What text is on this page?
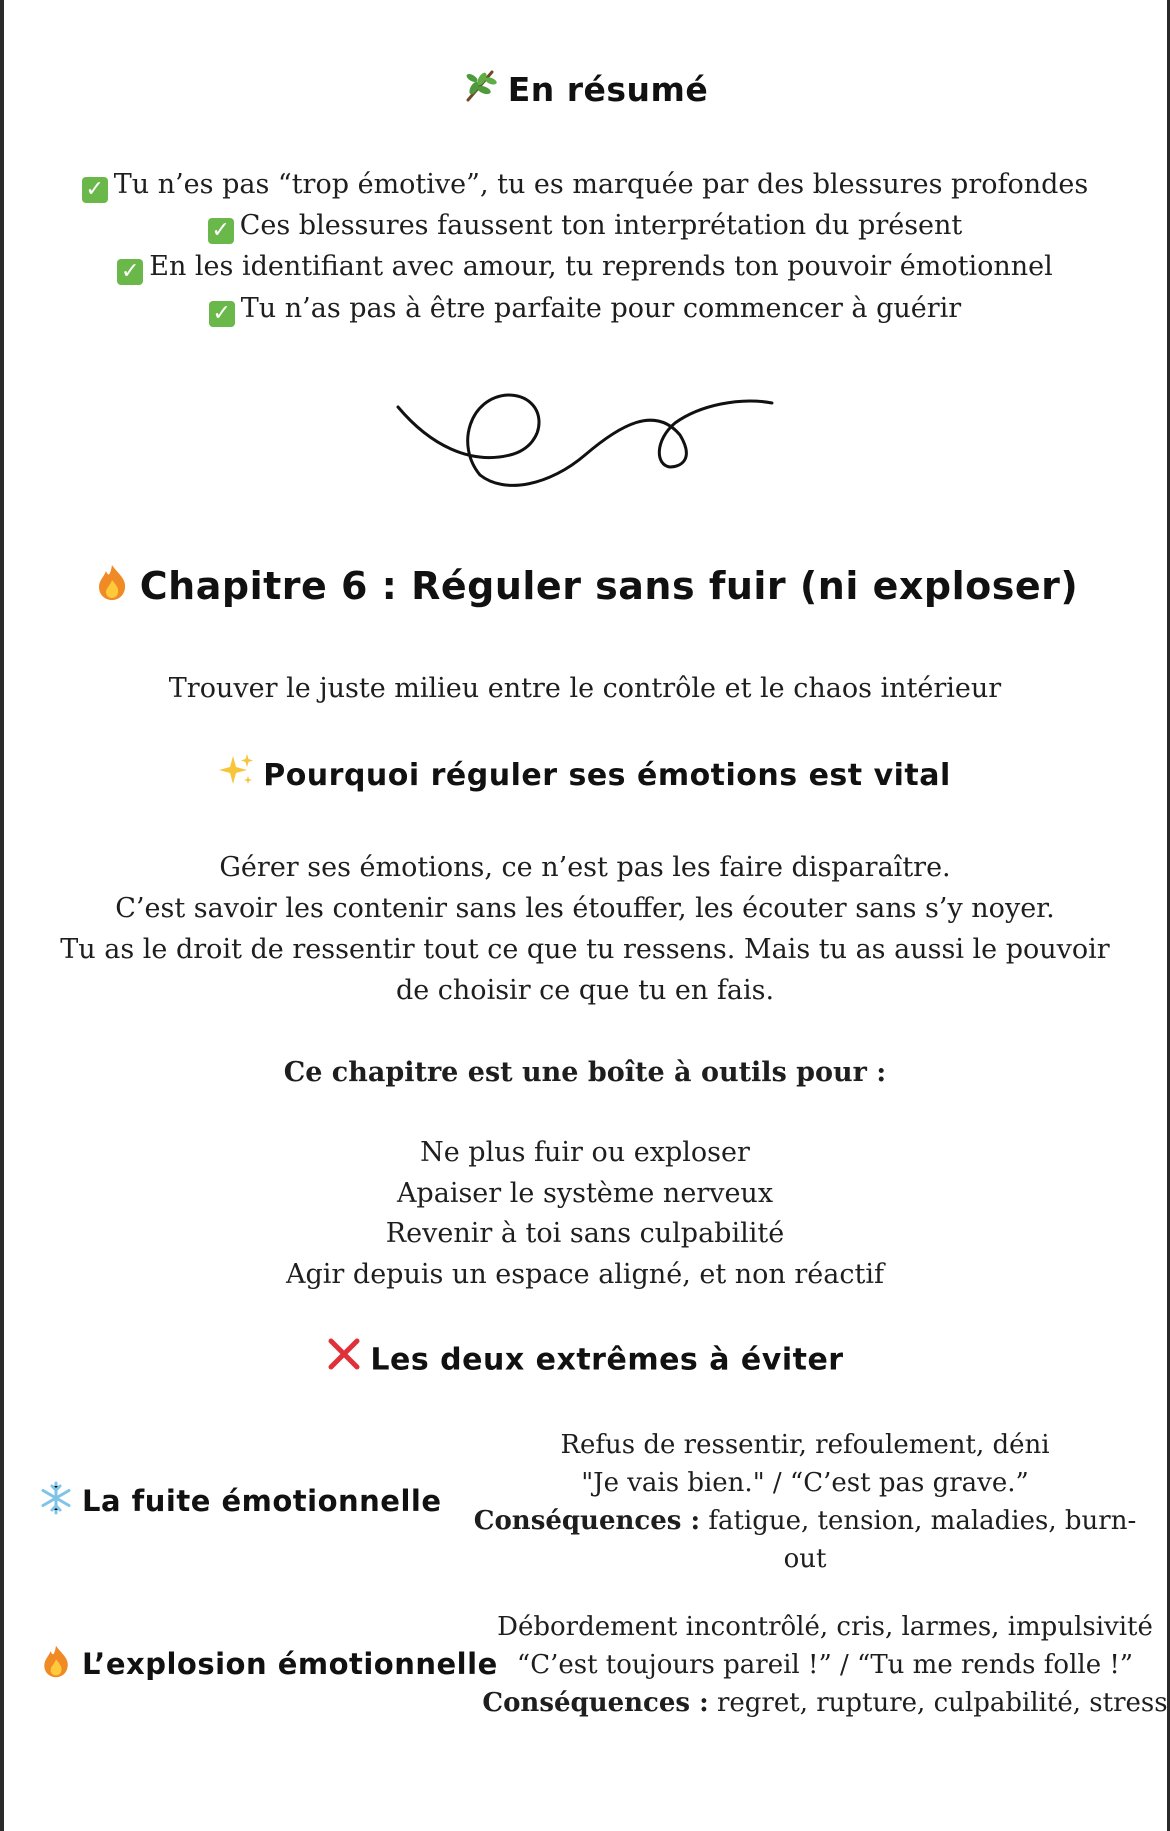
En résumé
✓ Tu n’es pas “trop émotive”, tu es marquée par des blessures profondes
✓ Ces blessures faussent ton interprétation du présent
✓ En les identifiant avec amour, tu reprends ton pouvoir émotionnel
✓ Tu n’as pas à être parfaite pour commencer à guérir
Chapitre 6 : Réguler sans fuir (ni exploser)
Trouver le juste milieu entre le contrôle et le chaos intérieur
Pourquoi réguler ses émotions est vital
Gérer ses émotions, ce n’est pas les faire disparaître.
C’est savoir les contenir sans les étouffer, les écouter sans s’y noyer.
Tu as le droit de ressentir tout ce que tu ressens. Mais tu as aussi le pouvoir
de choisir ce que tu en fais.
Ce chapitre est une boîte à outils pour :
Ne plus fuir ou exploser
Apaiser le système nerveux
Revenir à toi sans culpabilité
Agir depuis un espace aligné, et non réactif
Les deux extrêmes à éviter
La fuite émotionnelle
Refus de ressentir, refoulement, déni
"Je vais bien." / “C’est pas grave.”
Conséquences : fatigue, tension, maladies, burn-out
L’explosion émotionnelle
Débordement incontrôlé, cris, larmes, impulsivité
“C’est toujours pareil !” / “Tu me rends folle !”
Conséquences : regret, rupture, culpabilité, stress
